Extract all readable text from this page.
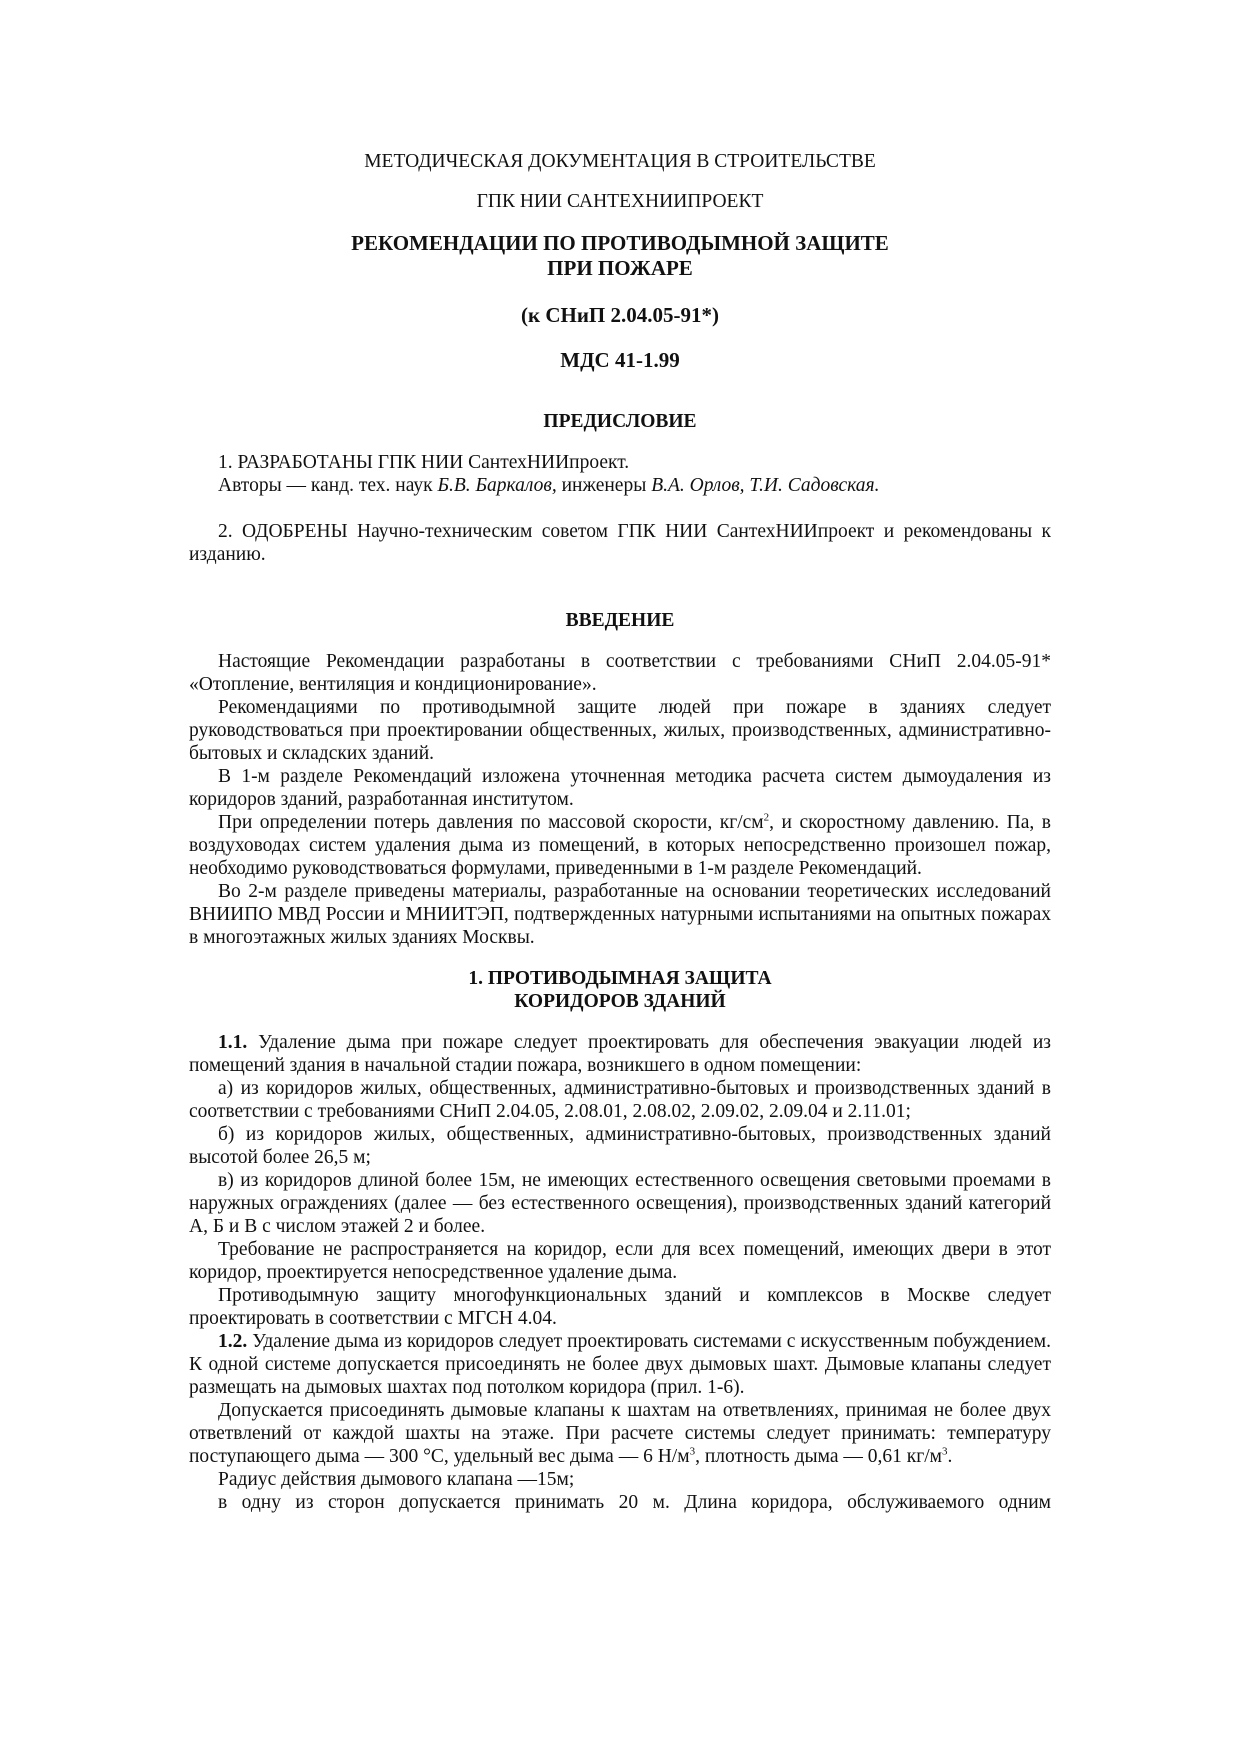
МЕТОДИЧЕСКАЯ ДОКУМЕНТАЦИЯ В СТРОИТЕЛЬСТВЕ

ГПК НИИ САНТЕХНИИПРОЕКТ

РЕКОМЕНДАЦИИ ПО ПРОТИВОДЫМНОЙ ЗАЩИТЕ
ПРИ ПОЖАРЕ

(к СНиП 2.04.05-91*)

МДС 41-1.99

ПРЕДИСЛОВИЕ

1. РАЗРАБОТАНЫ ГПК НИИ СантехНИИпроект.

Авторы — канд. тех. наук Б.В. Баркалов, инженеры В.А. Орлов, Т.И. Садовская.

2. ОДОБРЕНЫ Научно-техническим советом ГПК НИИ СантехНИИпроект и рекомендованы к изданию.

ВВЕДЕНИЕ

Настоящие Рекомендации разработаны в соответствии с требованиями СНиП 2.04.05-91* «Отопление, вентиляция и кондиционирование».

Рекомендациями по противодымной защите людей при пожаре в зданиях следует руководствоваться при проектировании общественных, жилых, производственных, административно-бытовых и складских зданий.

В 1-м разделе Рекомендаций изложена уточненная методика расчета систем дымоудаления из коридоров зданий, разработанная институтом.

При определении потерь давления по массовой скорости, $кг/см^2$, и скоростному давлению. Па, в воздуховодах систем удаления дыма из помещений, в которых непосредственно произошел пожар, необходимо руководствоваться формулами, приведенными в 1-м разделе Рекомендаций.

Во 2-м разделе приведены материалы, разработанные на основании теоретических исследований ВНИИПО МВД России и МНИИТЭП, подтвержденных натурными испытаниями на опытных пожарах в многоэтажных жилых зданиях Москвы.

1. ПРОТИВОДЫМНАЯ ЗАЩИТА
КОРИДОРОВ ЗДАНИЙ

1.1. Удаление дыма при пожаре следует проектировать для обеспечения эвакуации людей из помещений здания в начальной стадии пожара, возникшего в одном помещении:

а) из коридоров жилых, общественных, административно-бытовых и производственных зданий в соответствии с требованиями СНиП 2.04.05, 2.08.01, 2.08.02, 2.09.02, 2.09.04 и 2.11.01;

б) из коридоров жилых, общественных, административно-бытовых, производственных зданий высотой более 26,5 м;

в) из коридоров длиной более 15м, не имеющих естественного освещения световыми проемами в наружных ограждениях (далее — без естественного освещения), производственных зданий категорий А, Б и В с числом этажей 2 и более.

Требование не распространяется на коридор, если для всех помещений, имеющих двери в этот коридор, проектируется непосредственное удаление дыма.

Противодымную защиту многофункциональных зданий и комплексов в Москве следует проектировать в соответствии с МГСН 4.04.

1.2. Удаление дыма из коридоров следует проектировать системами с искусственным побуждением. К одной системе допускается присоединять не более двух дымовых шахт. Дымовые клапаны следует размещать на дымовых шахтах под потолком коридора (прил. 1-6).

Допускается присоединять дымовые клапаны к шахтам на ответвлениях, принимая не более двух ответвлений от каждой шахты на этаже. При расчете системы следует принимать: температуру поступающего дыма — 300 °С, удельный вес дыма — 6 $Н/м^3$, плотность дыма — 0,61 $кг/м^3$.

Радиус действия дымового клапана —15м;

в одну из сторон допускается принимать 20 м. Длина коридора, обслуживаемого одним
